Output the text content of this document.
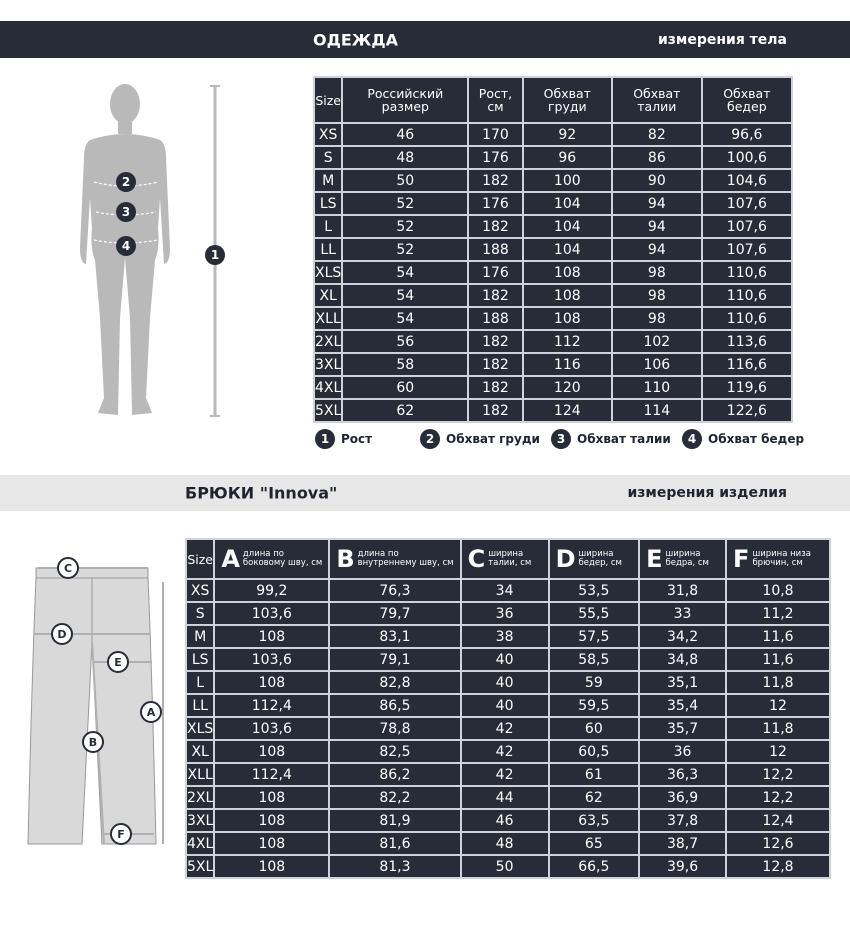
ОДЕЖДА	измерения тела
2
3
4
1
Size	Российский размер	Рост, см	Обхват груди	Обхват талии	Обхват бедер
XS	46	170	92	82	96,6
S	48	176	96	86	100,6
M	50	182	100	90	104,6
LS	52	176	104	94	107,6
L	52	182	104	94	107,6
LL	52	188	104	94	107,6
XLS	54	176	108	98	110,6
XL	54	182	108	98	110,6
XLL	54	188	108	98	110,6
2XL	56	182	112	102	113,6
3XL	58	182	116	106	116,6
4XL	60	182	120	110	119,6
5XL	62	182	124	114	122,6
1 Рост	2 Обхват груди	3 Обхват талии	4 Обхват бедер
БРЮКИ "Innova"	измерения изделия
C
D
E
A
B
F
Size	A длина по боковому шву, см	B длина по внутреннему шву, см	C ширина талии, см	D ширина бедер, см	E ширина бедра, см	F ширина низа брючин, см

XS	99,2	76,3	34	53,5	31,8	10,8
S	103,6	79,7	36	55,5	33	11,2
M	108	83,1	38	57,5	34,2	11,6
LS	103,6	79,1	40	58,5	34,8	11,6
L	108	82,8	40	59	35,1	11,8
LL	112,4	86,5	40	59,5	35,4	12
XLS	103,6	78,8	42	60	35,7	11,8
XL	108	82,5	42	60,5	36	12
XLL	112,4	86,2	42	61	36,3	12,2
2XL	108	82,2	44	62	36,9	12,2
3XL	108	81,9	46	63,5	37,8	12,4
4XL	108	81,6	48	65	38,7	12,6
5XL	108	81,3	50	66,5	39,6	12,8
